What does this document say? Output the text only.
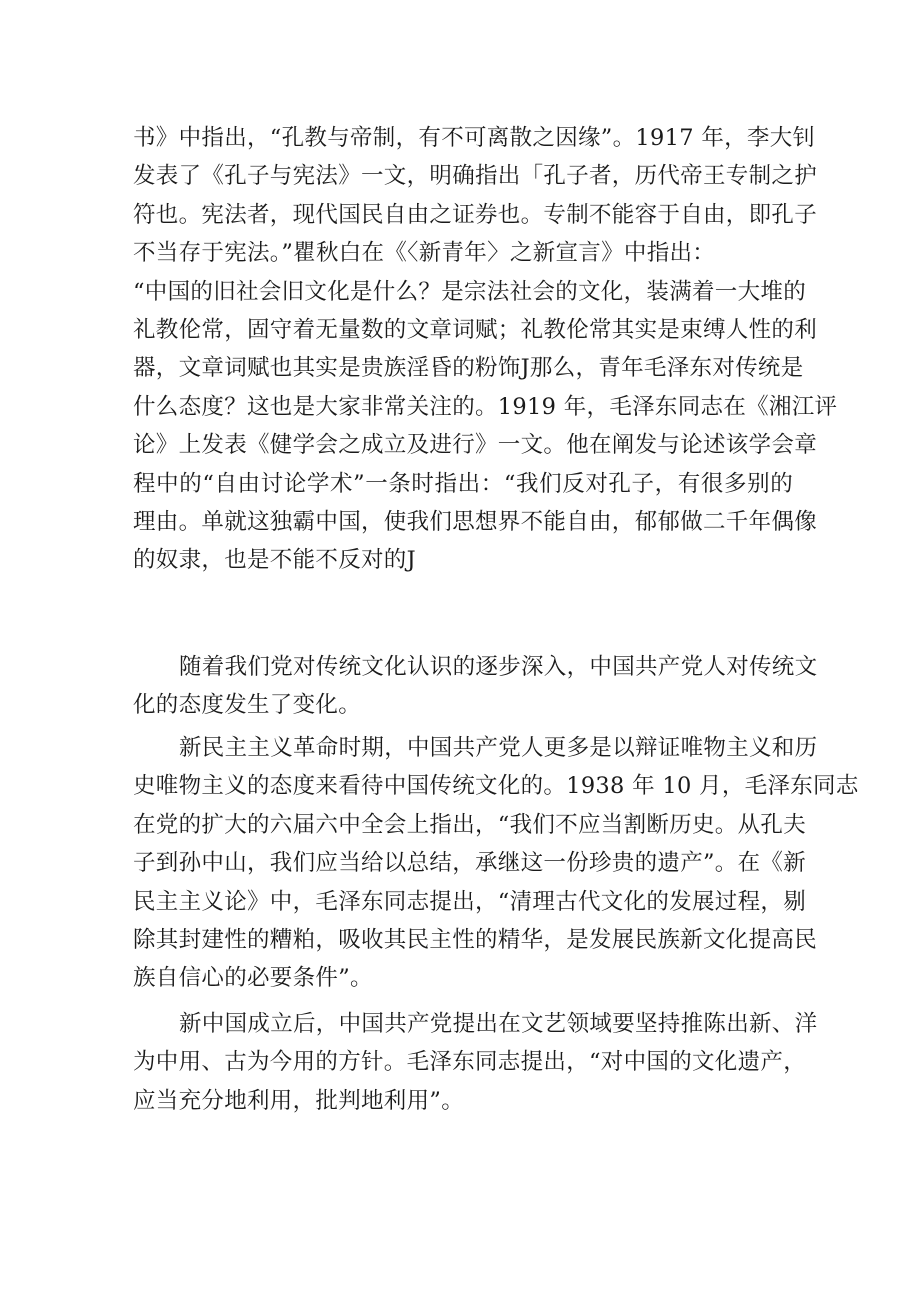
书》中指出，“孔教与帝制，有不可离散之因缘”。1917 年，李大钊
发表了《孔子与宪法》一文，明确指出「孔子者，历代帝王专制之护
符也。宪法者，现代国民自由之证券也。专制不能容于自由，即孔子
不当存于宪法。”瞿秋白在《〈新青年〉之新宣言》中指出：
“中国的旧社会旧文化是什么？是宗法社会的文化，装满着一大堆的
礼教伦常，固守着无量数的文章词赋；礼教伦常其实是束缚人性的利
器，文章词赋也其实是贵族淫昏的粉饰J那么，青年毛泽东对传统是
什么态度？这也是大家非常关注的。1919 年，毛泽东同志在《湘江评
论》上发表《健学会之成立及进行》一文。他在阐发与论述该学会章
程中的“自由讨论学术”一条时指出：“我们反对孔子，有很多别的
理由。单就这独霸中国，使我们思想界不能自由，郁郁做二千年偶像
的奴隶，也是不能不反对的J
随着我们党对传统文化认识的逐步深入，中国共产党人对传统文
化的态度发生了变化。
新民主主义革命时期，中国共产党人更多是以辩证唯物主义和历
史唯物主义的态度来看待中国传统文化的。1938 年 10 月，毛泽东同志
在党的扩大的六届六中全会上指出，“我们不应当割断历史。从孔夫
子到孙中山，我们应当给以总结，承继这一份珍贵的遗产”。在《新
民主主义论》中，毛泽东同志提出，“清理古代文化的发展过程，剔
除其封建性的糟粕，吸收其民主性的精华，是发展民族新文化提高民
族自信心的必要条件”。
新中国成立后，中国共产党提出在文艺领域要坚持推陈出新、洋
为中用、古为今用的方针。毛泽东同志提出，“对中国的文化遗产，
应当充分地利用，批判地利用”。
